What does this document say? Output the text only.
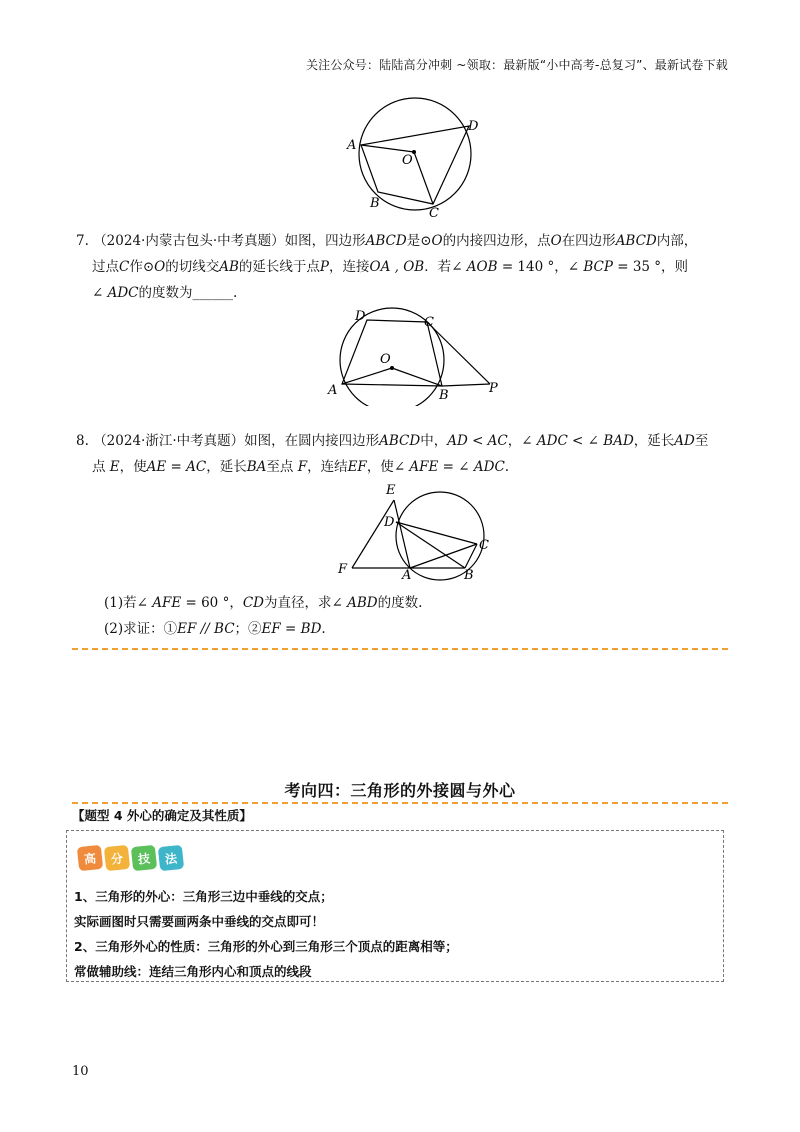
关注公众号：陆陆高分冲刺 ~领取：最新版“小中高考-总复习”、最新试卷下载
A
D
O
B
C
7. （2024·内蒙古包头·中考真题）如图，四边形ABCD是⊙O的内接四边形，点O在四边形ABCD内部，
过点C作⊙O的切线交AB的延长线于点P，连接OA , OB．若∠ AOB = 140 °，∠ BCP = 35 °，则
∠ ADC的度数为______.
D	C
O
A	B	P
8. （2024·浙江·中考真题）如图，在圆内接四边形ABCD中，AD < AC，∠ ADC < ∠ BAD，延长AD至
点 E，使AE = AC，延长BA至点 F，连结EF，使∠ AFE = ∠ ADC.
E
D
C
F	A	B
(1)若∠ AFE = 60 °，CD为直径，求∠ ABD的度数.
(2)求证：①EF // BC；②EF = BD.
考向四：三角形的外接圆与外心
【题型 4 外心的确定及其性质】
高	分	技	法
1、三角形的外心：三角形三边中垂线的交点；
实际画图时只需要画两条中垂线的交点即可！
2、三角形外心的性质：三角形的外心到三角形三个顶点的距离相等；
常做辅助线：连结三角形内心和顶点的线段
10
